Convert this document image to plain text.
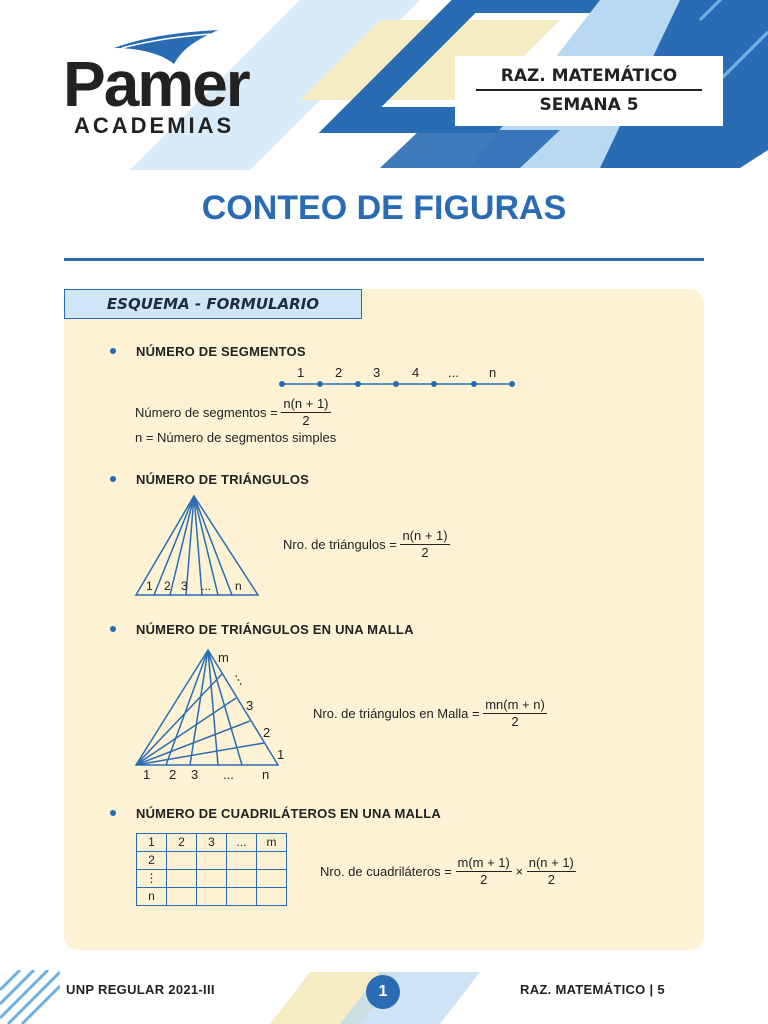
Pamer
ACADEMIAS
RAZ. MATEMÁTICO
SEMANA 5
CONTEO DE FIGURAS
ESQUEMA - FORMULARIO
NÚMERO DE SEGMENTOS
1 2 3 4 ... n
Número de segmentos = $\frac{n(n + 1)}{2}$
n = Número de segmentos simples
NÚMERO DE TRIÁNGULOS
1 2 3 ... n
Nro. de triángulos = $\frac{n(n + 1)}{2}$
NÚMERO DE TRIÁNGULOS EN UNA MALLA
m
⋮
3
2
1
1 2 3 ... n
Nro. de triángulos en Malla = $\frac{mn(m + n)}{2}$
NÚMERO DE CUADRILÁTEROS EN UNA MALLA
1	2	3	...	m
2				
⋮				
n				
Nro. de cuadriláteros = $\frac{m(m + 1)}{2} \times \frac{n(n + 1)}{2}$
UNP REGULAR 2021-III	1	RAZ. MATEMÁTICO | 5
